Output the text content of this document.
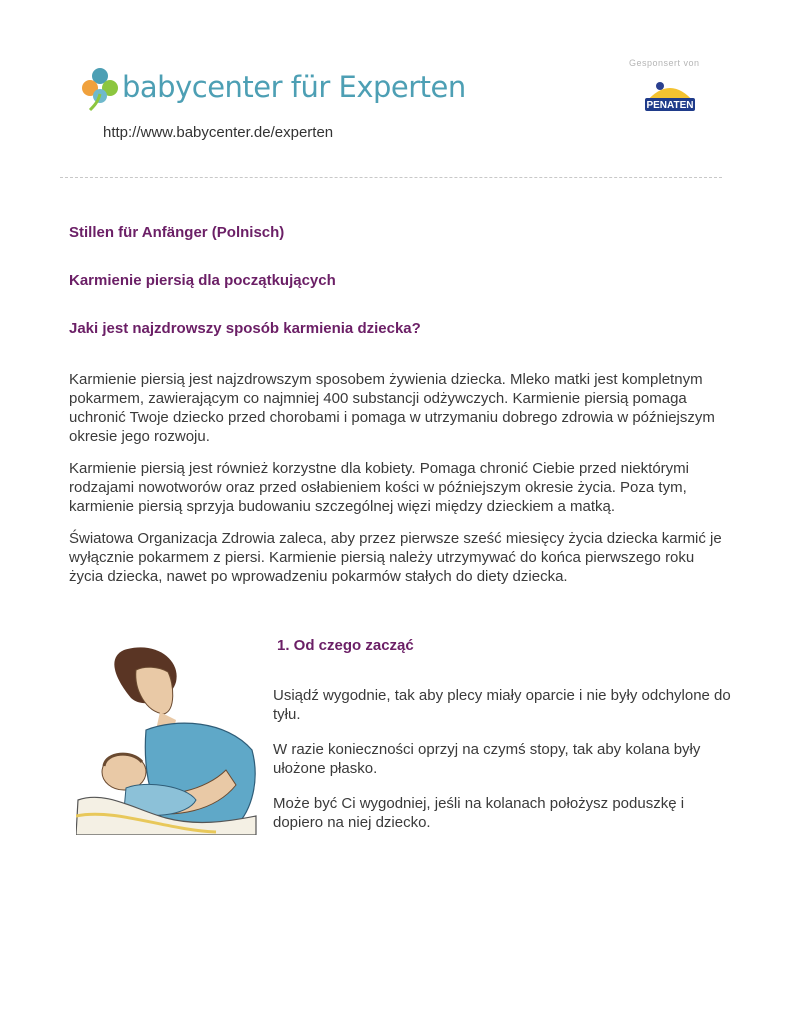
babycenter für Experten
http://www.babycenter.de/experten
Gesponsert von
PENATEN
Stillen für Anfänger (Polnisch)
Karmienie piersią dla początkujących
Jaki jest najzdrowszy sposób karmienia dziecka?

Karmienie piersią jest najzdrowszym sposobem żywienia dziecka. Mleko matki jest kompletnym pokarmem, zawierającym co najmniej 400 substancji odżywczych. Karmienie piersią pomaga uchronić Twoje dziecko przed chorobami i pomaga w utrzymaniu dobrego zdrowia w późniejszym okresie jego rozwoju.

Karmienie piersią jest również korzystne dla kobiety. Pomaga chronić Ciebie przed niektórymi rodzajami nowotworów oraz przed osłabieniem kości w późniejszym okresie życia. Poza tym, karmienie piersią sprzyja budowaniu szczególnej więzi między dzieckiem a matką.

Światowa Organizacja Zdrowia zaleca, aby przez pierwsze sześć miesięcy życia dziecka karmić je wyłącznie pokarmem z piersi. Karmienie piersią należy utrzymywać do końca pierwszego roku życia dziecka, nawet po wprowadzeniu pokarmów stałych do diety dziecka.

1. Od czego zacząć

Usiądź wygodnie, tak aby plecy miały oparcie i nie były odchylone do tyłu.

W razie konieczności oprzyj na czymś stopy, tak aby kolana były ułożone płasko.

Może być Ci wygodniej, jeśli na kolanach położysz poduszkę i dopiero na niej dziecko.
